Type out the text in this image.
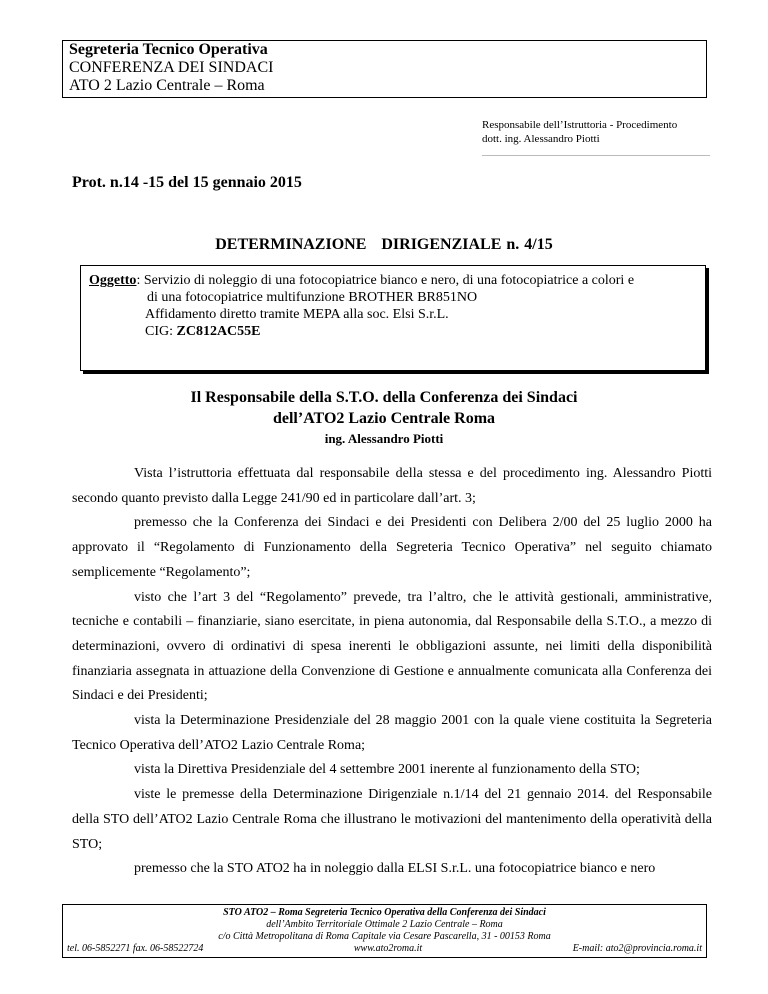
Segreteria Tecnico Operativa
CONFERENZA DEI SINDACI
ATO 2 Lazio Centrale – Roma
Responsabile dell’Istruttoria - Procedimento
dott. ing. Alessandro Piotti
Prot. n.14 -15 del 15 gennaio 2015
DETERMINAZIONE   DIRIGENZIALE n. 4/15
Oggetto: Servizio di noleggio di una fotocopiatrice bianco e nero, di una fotocopiatrice a colori e
di una fotocopiatrice multifunzione BROTHER BR851NO
Affidamento diretto tramite MEPA alla soc. Elsi S.r.L.
CIG: ZC812AC55E
Il Responsabile della S.T.O. della Conferenza dei Sindaci
dell’ATO2 Lazio Centrale Roma
ing. Alessandro Piotti

Vista l’istruttoria effettuata dal responsabile della stessa e del procedimento ing. Alessandro Piotti secondo quanto previsto dalla Legge 241/90 ed in particolare dall’art. 3;

premesso che la Conferenza dei Sindaci e dei Presidenti con Delibera 2/00 del 25 luglio 2000 ha approvato il “Regolamento di Funzionamento della Segreteria Tecnico Operativa” nel seguito chiamato semplicemente “Regolamento”;

visto che l’art 3 del “Regolamento” prevede, tra l’altro, che le attività gestionali, amministrative, tecniche e contabili – finanziarie, siano esercitate, in piena autonomia, dal Responsabile della S.T.O., a mezzo di determinazioni, ovvero di ordinativi di spesa inerenti le obbligazioni assunte, nei limiti della disponibilità finanziaria assegnata in attuazione della Convenzione di Gestione e annualmente comunicata alla Conferenza dei Sindaci e dei Presidenti;

vista la Determinazione Presidenziale del 28 maggio 2001 con la quale viene costituita la Segreteria Tecnico Operativa dell’ATO2 Lazio Centrale Roma;

vista la Direttiva Presidenziale del 4 settembre 2001 inerente al funzionamento della STO;

viste le premesse della Determinazione Dirigenziale n.1/14 del 21 gennaio 2014. del Responsabile della STO dell’ATO2 Lazio Centrale Roma che illustrano le motivazioni del mantenimento della operatività della STO;

premesso che la STO ATO2 ha in noleggio dalla ELSI S.r.L. una fotocopiatrice bianco e nero

STO ATO2 – Roma Segreteria Tecnico Operativa della Conferenza dei Sindaci
dell’Ambito Territoriale Ottimale 2 Lazio Centrale – Roma
c/o Città Metropolitana di Roma Capitale via Cesare Pascarella, 31 - 00153 Roma
tel. 06-5852271 fax. 06-58522724	www.ato2roma.it	E-mail: ato2@provincia.roma.it
